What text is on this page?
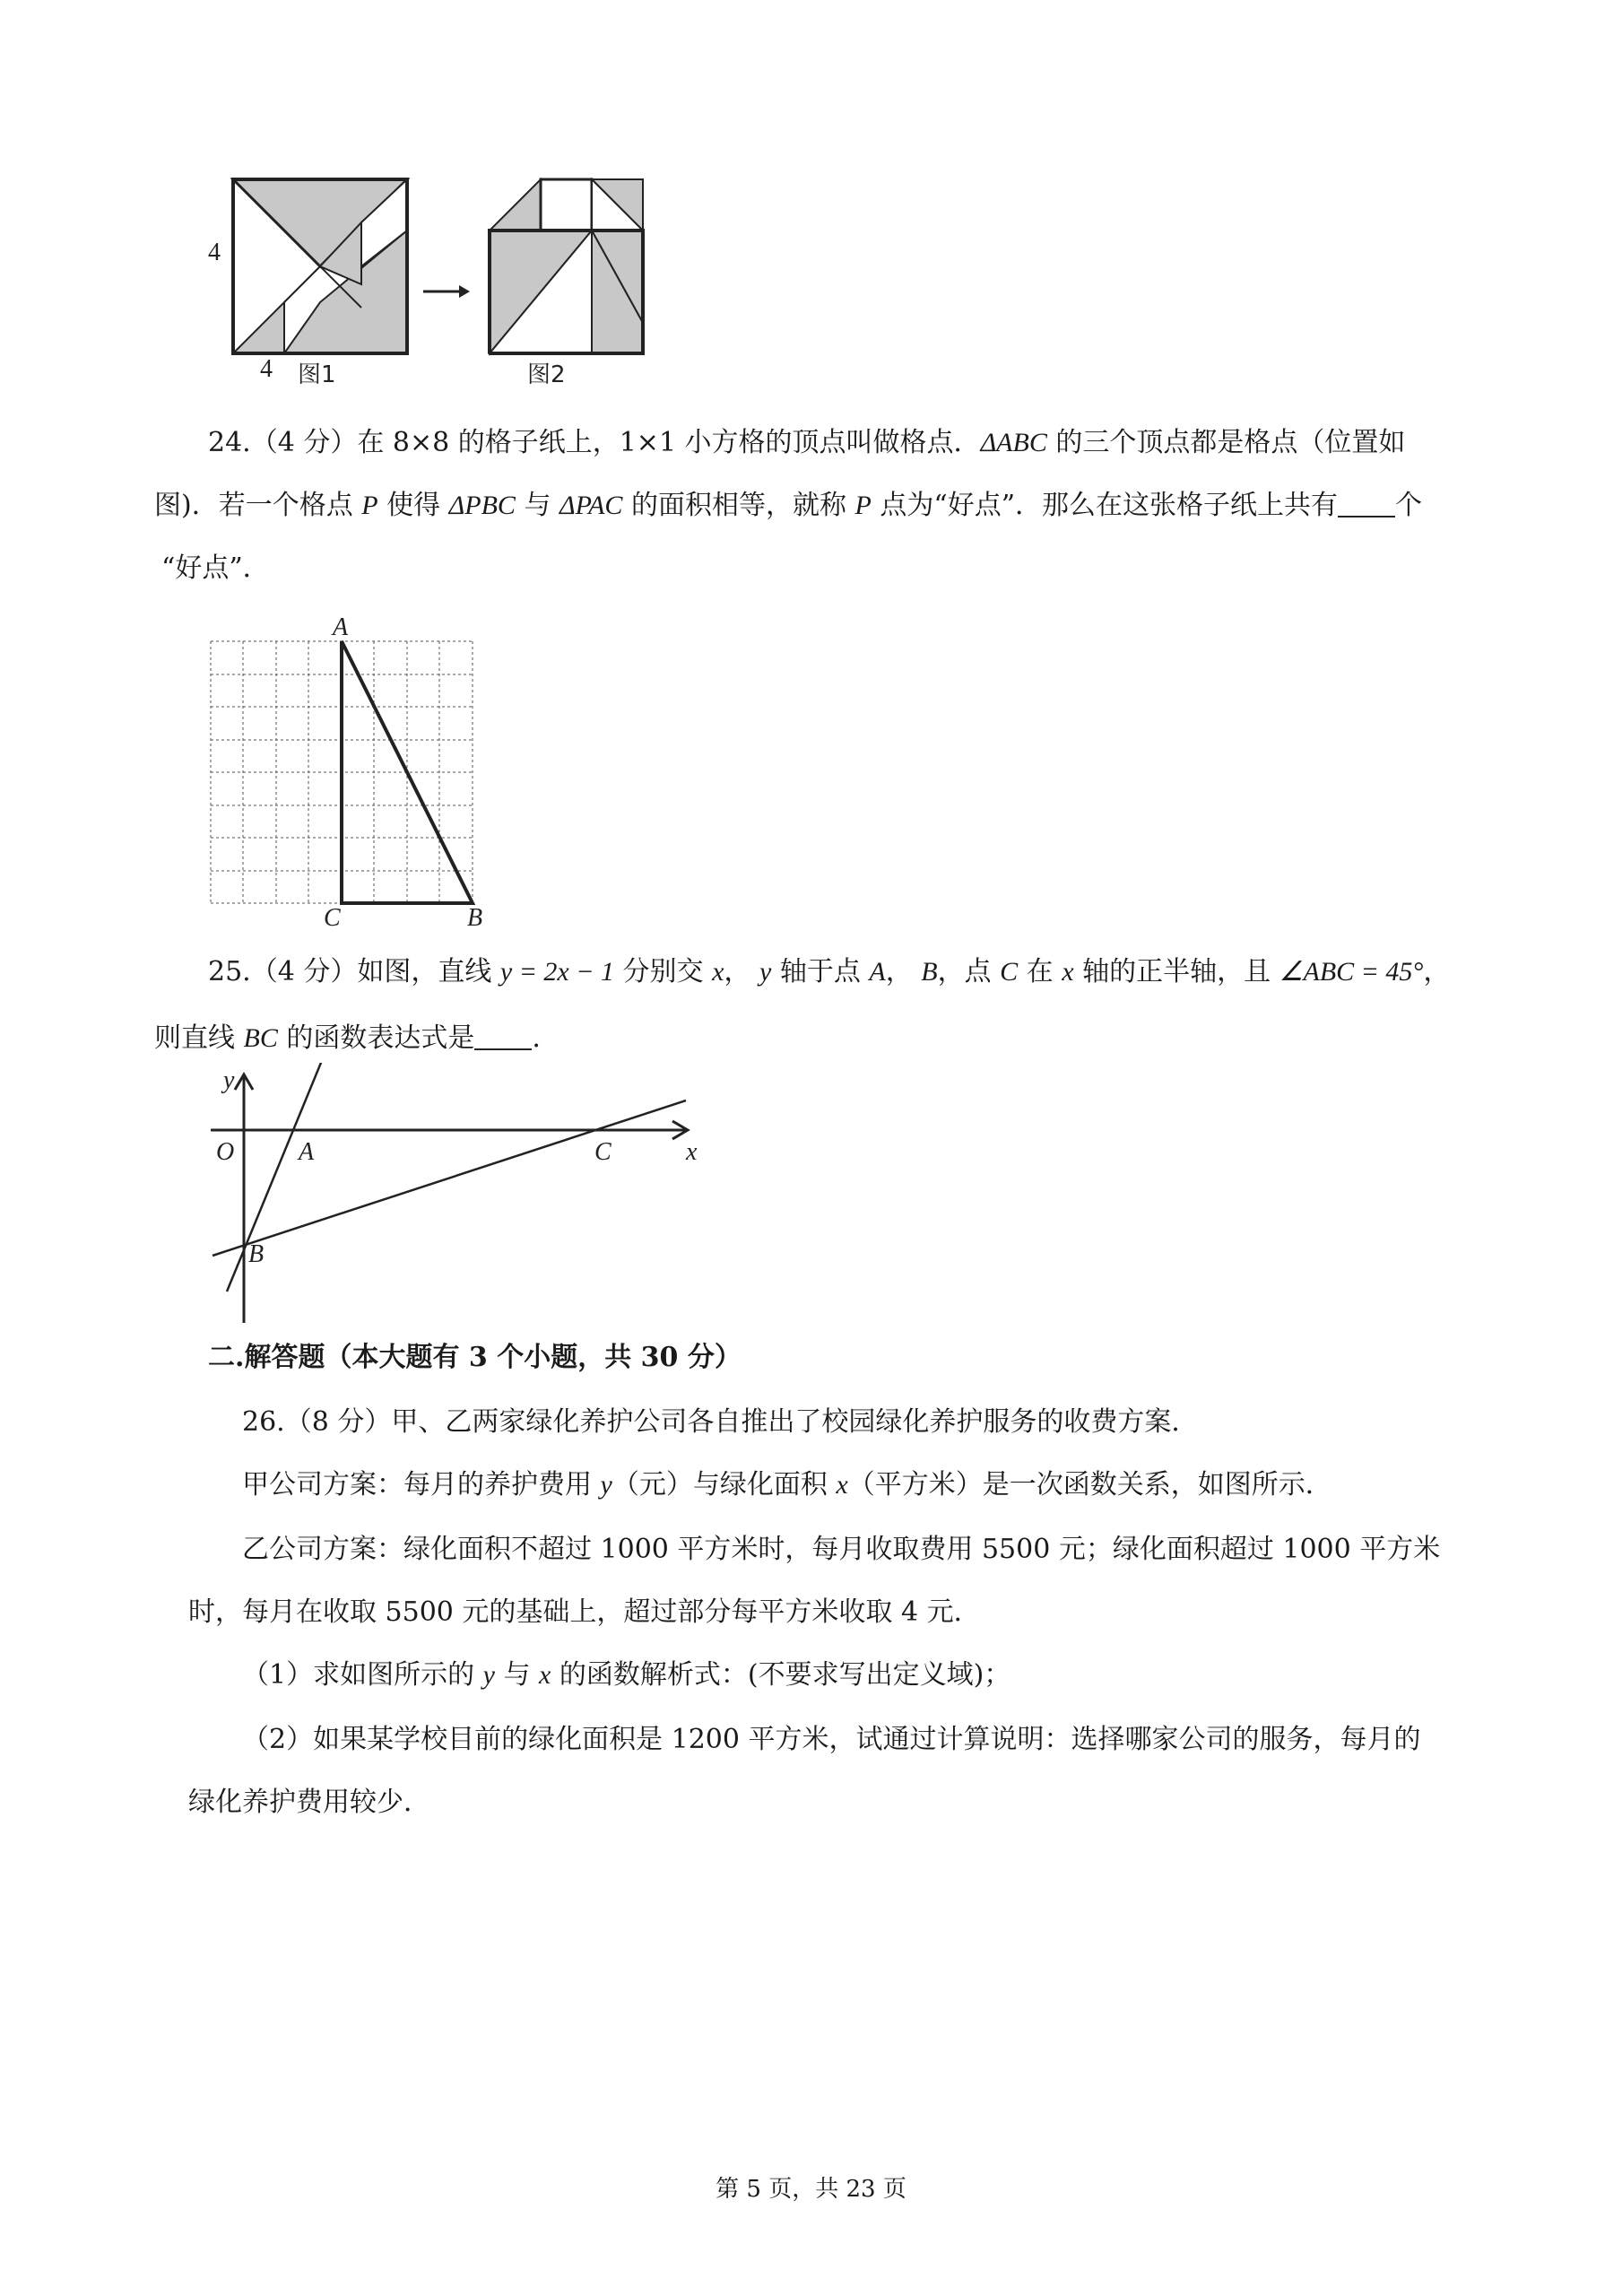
4
4 图1	图2
24.（4 分）在 8×8 的格子纸上，1×1 小方格的顶点叫做格点．ΔABC 的三个顶点都是格点（位置如
图)．若一个格点 P 使得 ΔPBC 与 ΔPAC 的面积相等，就称 P 点为“好点”．那么在这张格子纸上共有 个
“好点”．
A
C	B
25.（4 分）如图，直线 y = 2x − 1 分别交 x， y 轴于点 A， B，点 C 在 x 轴的正半轴，且 ∠ABC = 45°，
则直线 BC 的函数表达式是 ．
y
x
O	A	C
B
二.解答题（本大题有 3 个小题，共 30 分）
26.（8 分）甲、乙两家绿化养护公司各自推出了校园绿化养护服务的收费方案．
甲公司方案：每月的养护费用 y（元）与绿化面积 x（平方米）是一次函数关系，如图所示．
乙公司方案：绿化面积不超过 1000 平方米时，每月收取费用 5500 元；绿化面积超过 1000 平方米
时，每月在收取 5500 元的基础上，超过部分每平方米收取 4 元．
（1）求如图所示的 y 与 x 的函数解析式：(不要求写出定义域)；
（2）如果某学校目前的绿化面积是 1200 平方米，试通过计算说明：选择哪家公司的服务，每月的
绿化养护费用较少．
第 5 页，共 23 页
